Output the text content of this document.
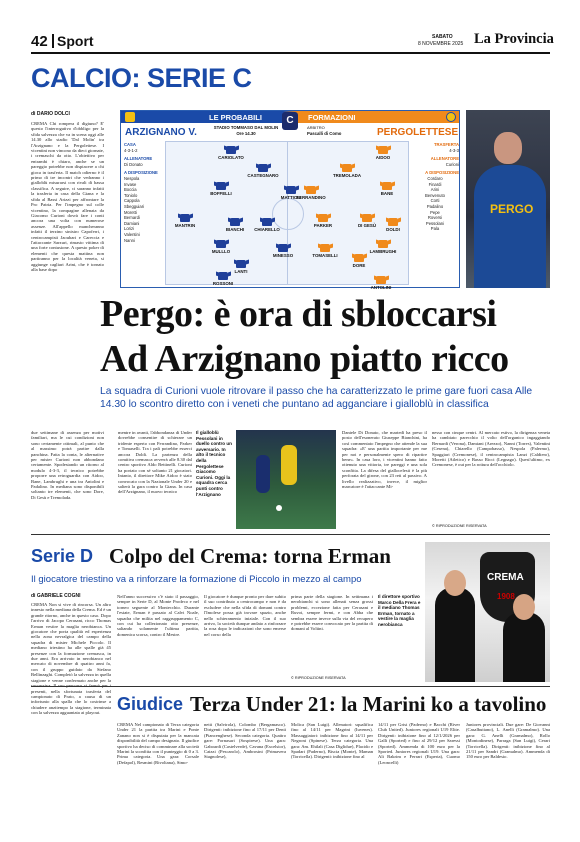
42 Sport	SABATO
8 NOVEMBRE 2025 La Provincia
CALCIO: SERIE C
di DARIO DOLCI
CREMA Chi rompera il digiuno? E' questo l'interrogativo d'obbligo per la sfida salvezza che va in scena oggi alle 14.30 allo stadio 'Dal Molin' tra l'Arzignano e la Pergolettese. I vicentini non vincono da dieci giornate, i cremaschi da otto. L'obiettivo per entrambi è chiaro, anche se un pareggio potrebbe non dispiacere a chi gioca in trasferta. Il match odierno è il primo di tre incontri che vedranno i gialloblù misurarsi con rivali di bassa classifica. A seguire, ci saranno infatti la trasferta in casa della Giana e la sfida al Bassi Arizzi per affrontare la Pro Patria. Per l'impegno sul colle vicentino, la compagine allenata da Giacomo Curioni dovrà fare i conti ancora una volta con numerose assenze. All'appello mancheranno infatti il terzino sinistro Capoferri, i centrocampisti Jaoubari e Careccia e l'attaccante Sarzuri, rimasto vittima di una forte contusione. A questo poker di elementi che questa mattina non partiranno per la località veneta, si aggiunge cagliari Arini, che è tornato alla base dopo
LE PROBABILI	FORMAZIONI
C
ARZIGNANO V.	PERGOLETTESE
STADIO TOMMASO DAL MOLIN
Ore 14.30
ARBITRO
Pascalli di Como
CASA
4-3-1-2
ALLENATORE
Di Donato
A DISPOSIZIONE
Nespola
Invase
Boccia
Toniolo
Cappola
Sbegguiari
Moretti
Bernardi
Damiani
Lorizi
Valentini
Nanni
TRASFERTA
4-3-3
ALLENATORE
Curioni
A DISPOSIZIONE
Cordaro
Finardi
Arini
Benvenuto
Corti
Padalino
Pepe
Roversi
Pessolani
Pala
CARIOLATO
CASTEGNARO
BOFFELLI
MATTIOLI
MANTRIN
BIANCHI	CHIARELLO
MULLLO
MINESSO
LANTI
ROSSONI
AIDOO
TREMOLADA
FERRANDINO
BANE
PARKER	DI GESÙ
DOLDI
TOMASELLI
DORE
LAMBRUGHI
ANTOLINI
PERGO
Pergo: è ora di sbloccarsi
Ad Arzignano piatto ricco
La squadra di Curioni vuole ritrovare il passo che ha caratterizzato le prime gare fuori casa Alle 14.30 lo scontro diretto con i veneti che puntano ad agganciare i gialloblù in classifica
due settimane di assenza per motivi familiari, ma le cui condizioni non sono certamente ottimali, al punto che al massimo potrà partire dalla panchina. Fatta la conta, le alternative per mister Curioni non abbondano certamente. Spodestando un ritorno al modulo 4-3-3, il tecnico potrebbe proporre una retroguardia con Aidoo, Bane, Lambrughi e una tra Antolini e Padalino. In mediana sono disponibili soltanto tre elementi, che sono Dore, Di Gesù e Tremolada.
mentre in avanti, l'abbondanza di Under dovrebbe consentire di schierare un tridente esperto con Ferrandino, Parker e Tomaselli. Tra i pali potrebbe esserci ancora Doldi. La partenza della comitiva cremasca avverrà alle 8.30 dal centro sportivo Aldo Bettinelli. Curioni ha portato con sé soltanto 21 giocatori. Intanto, il direttore Mike Aidoo è stato convocato con la Nazionale Under 20 e salterà la gara contro la Giana. In casa dell'Arzignano, il nuovo tecnico
Il gialloblù Pessolani in duello contro un avversario. In alto il tecnico della Pergolettese Giacomo Curioni. Oggi la squadra cerca punti contro l'Arzignano
Daniele Di Donato, che martedì ha preso il posto dell'esonerato Giuseppe Bianchini, ha così commentato l'impegno che attende la sua squadra: «E' una partita importante per me per noi e personalmente spero di ripartire bene». In casa loro, i vicentini hanno fatto ottenuto una vittoria, tre pareggi e una sola sconfitta. La difesa del giallocelesti è la più perforata del girone, con 23 reti al passivo. A livello realizzativo, invece, il miglior marcatore è l'attaccante Mi-
nesso con cinque centri. Al mercato estivo, la dirigenza veneta ha cambiato parecchio il volto dell'organico ingaggiando Bernardi (Verona), Damiani (Arezzo), Nanni (Torres), Valentini (Cesena), Chiarello (Campobasso), Nespola (Palermo), Spaggiari (Cremonese), il centrocampista Lanzi (Caldiero), Moretti (Atletico) e Basso Ricci (Legnago). Quest'ultimo, ex Cremonese, è out per la rottura dell'occhiolo.
© RIPRODUZIONE RISERVATA
Serie D Colpo del Crema: torna Erman
Il giocatore triestino va a rinforzare la formazione di Piccolo in mezzo al campo
di GABRIELE COGNI
CREMA Non si vive di rincorsa. Un altro innesto nella mediana della Crema. Ed è un grande ritorno, anche in questo caso. Dopo l'arrivo di Jacopo Cerasani, ricco Thomas Erman vestire la maglia nerobianca. Un giocatore che porta qualità ed esperienza nella zona nevralgica del campo della squadra di mister Michele Piccolo. Il mediano triestino ha alle spalle già 45 presenze con la formazione cremasca, in due anni. Era arrivato in nerobianco nel mercato di novembre di quattro anni fa, con il gruppo guidato da Stefano Bellinzaghi. Completò la salvezza in quella stagione e venne confermato anche per la presenti, nella sfortunata trasferta del campionato di Prato, a causa di un infortunio alla spalla che lo costrinse a chiudere anzitempo la stagione, terminata con la salvezza agguantata ai playout.
Nell'anno successivo c'è stato il passaggio, sempre in Serie D, al Monte Prodeco e nel torneo seguente al Montecchio. Durante l'estate, Erman è passato al Calvi Noale, squadra che milita nel raggruppamento C, con cui ha collezionato otto presenze, saltando solamente l'ultima partita, domenica scorsa, contro il Mestre.
Il giocatore è dunque pronto per dare subito il suo contributo a centrocampo e non è da escludere che nella sfida di domani contro l'Imolese possa già trovare spazio, anche nello schieramento iniziale. Con il suo arrivo, la società dunque andato a rinforzare la rosa dopo le indicazioni che sono emerse nel corso della
prima parte della stagione. In settimana i nerobianchi si sono allenati senza grossi problemi, eccezione fatta per Cerasani e Ruvoi, sempre fermi, e con Abba che sembra essere invece sulla via del recupero e potrebbe essere convocato per la partita di domani al Voltini.
© RIPRODUZIONE RISERVATA
Il direttore sportivo Marco Della Frera e il mediano Thomas Erman, tornato a vestire la maglia nerobianca
CREMA
1908
Giudice Terza Under 21: la Marini ko a tavolino
CREMA Nel campionato di Terza categoria Under 21 la partita tra Marini e Ponte Zanano non si è disputata per la mancata disponibilità del campo designato. Il giudice sportivo ha deciso di comminare alla società Marini la sconfitta con il punteggio di 0 a 3. Prima categoria. Una gara: Corsale (Defapol), Resmini (Rivoltana), Simo-
netti (Salvirola), Colombo (Bergamasco). Dirigenti: inibizione fino al 17/11 per Denti (Piancenghese). Seconda categoria. Quattro gare: Fornasari (Sospirese). Una gara: Gaboardi (Castelverde), Cavana (Excelsior), Caizzi (Pescarolo), Ambrosini (Primavera Stagnolese),
Molica (San Luigi). Allenatori: squalifica fino al 14/11 per Magrini (Iuvenes). Massaggiatori: inibizione fino al 14/11 per Negroni (Spinese). Terza categoria. Una gara: Am. Ehilali (Casa Diglidue), Placido e Spadari (Paderno), Biscia (Monte), Maman (Torricella). Dirigenti: inibizione fino al
14/11 per Grisi (Paderno) e Bacchi (River Club United). Juniores regionali U19 Elite. Dirigenti: inibizione fino al 12/1/2026 per Galli (Sported) e fino al 29/12 per Saressi (Sported). Ammenda di 100 euro per la Sported. Juniores regionali U19. Una gara: Ali Bakrim e Ferrari (Esperia), Cuomo (Leoncelli)
Juniores provinciali. Due gare: De Giovanni (Casalbuttano), L. Anelli (Gramalmo). Una gara: G. Anelli (Gramalmo), Rollo (Montodinese), Parraga (San Luigi), Cerari (Torricella). Dirigenti: inibizione fino al 21/11 per Sandri (Gramalmo). Ammenda di 150 euro per Baldesio.
